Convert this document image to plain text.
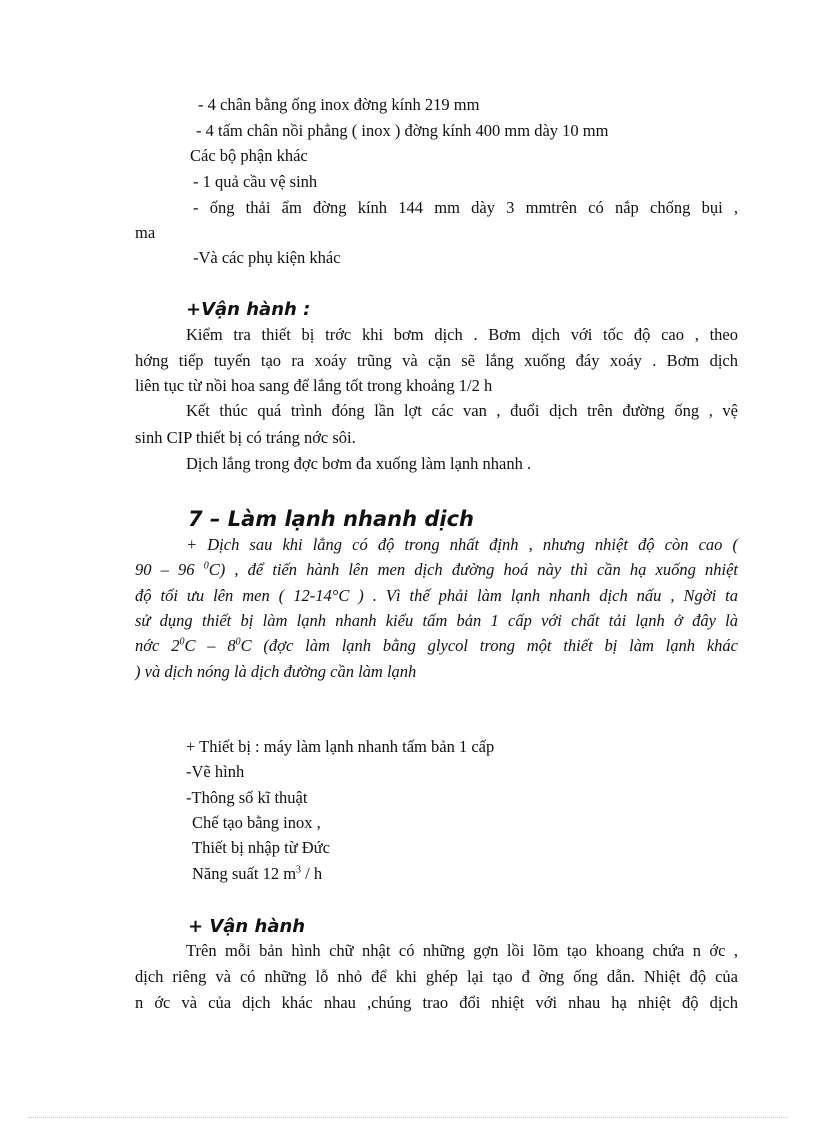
- 4 chân bằng ống inox đờng kính 219 mm
- 4 tấm chân nồi phẳng ( inox ) đờng kính 400 mm dày 10 mm
Các bộ phận khác
- 1 quả cầu vệ sinh
- ống thải ẩm đờng kính 144 mm dày 3 mmtrên có nắp chống bụi ,
ma
-Và các phụ kiện khác
+Vận hành :
Kiểm tra thiết bị trớc khi bơm dịch . Bơm dịch với tốc độ cao , theo
hớng tiếp tuyến tạo ra xoáy trũng và cặn sẽ lắng xuống đáy xoáy . Bơm dịch
liên tục từ nồi hoa sang để lắng tốt trong khoảng 1/2 h
Kết thúc quá trình đóng lần lợt các van , đuổi dịch trên đường ống , vệ
sinh CIP thiết bị có tráng nớc sôi.
Dịch lắng trong đợc bơm đa xuống làm lạnh nhanh .
7 – Làm lạnh nhanh dịch
+ Dịch sau khi lắng có độ trong nhất định , nhưng nhiệt độ còn cao (
90 – 96 $^0$C) , để tiến hành lên men dịch đường hoá này thì cần hạ xuống nhiệt
độ tối ưu lên men ( 12-14°C ) . Vì thế phải làm lạnh nhanh dịch nấu , Ngời ta
sử dụng thiết bị làm lạnh nhanh kiểu tấm bản 1 cấp với chất tải lạnh ở đây là
nớc $2^0C - 8^0C$ (đợc làm lạnh bằng glycol trong một thiết bị làm lạnh khác
) và dịch nóng là dịch đường cần làm lạnh
+ Thiết bị : máy làm lạnh nhanh tấm bản 1 cấp
-Vẽ hình
-Thông số kĩ thuật
Chế tạo bằng inox ,
Thiết bị nhập từ Đức
Năng suất 12 $m^3$ / h
+ Vận hành
Trên mỗi bản hình chữ nhật có những gợn lồi lõm tạo khoang chứa n ớc ,
dịch riêng và có những lỗ nhỏ để khi ghép lại tạo đ ờng ống dẫn. Nhiệt độ của
n ớc và của dịch khác nhau ,chúng trao đổi nhiệt với nhau hạ nhiệt độ dịch
